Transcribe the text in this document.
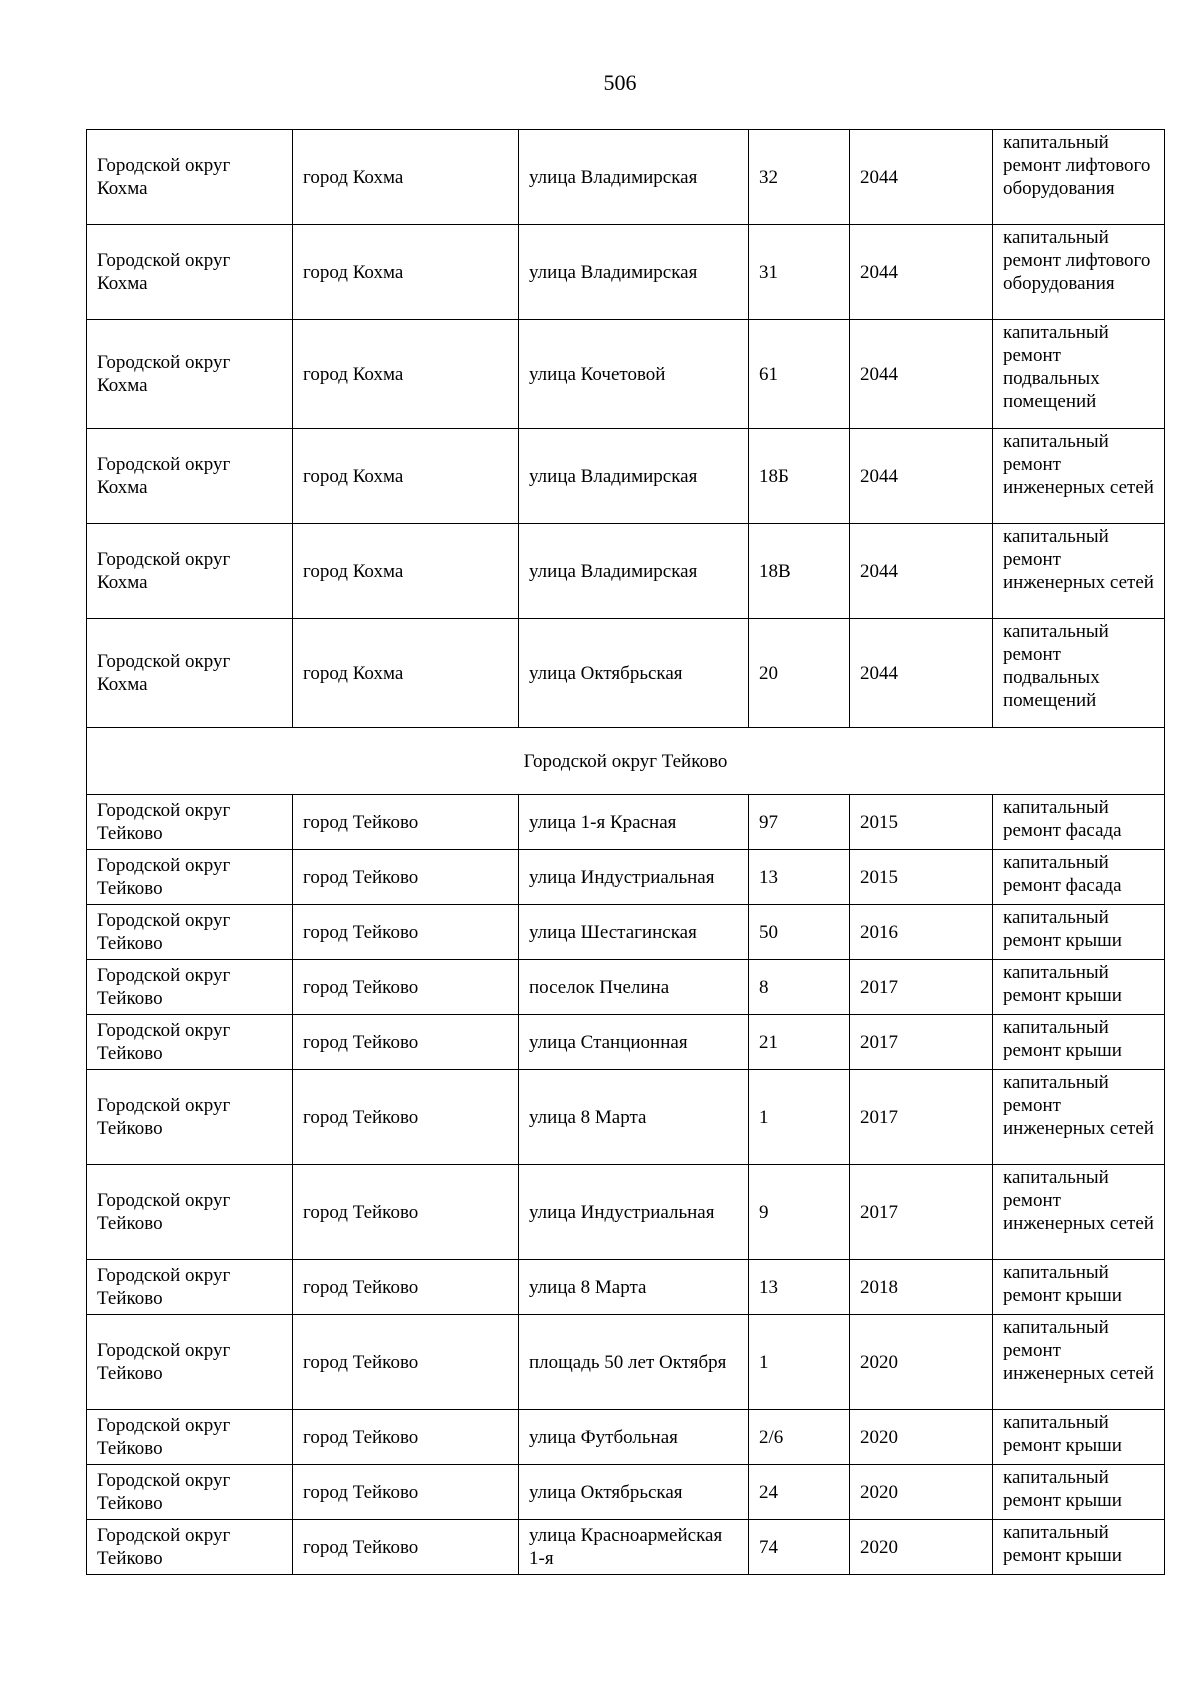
506
Городской округ Кохма	город Кохма	улица Владимирская	32	2044	капитальный ремонт лифтового оборудования
Городской округ Кохма	город Кохма	улица Владимирская	31	2044	капитальный ремонт лифтового оборудования
Городской округ Кохма	город Кохма	улица Кочетовой	61	2044	капитальный ремонт подвальных помещений
Городской округ Кохма	город Кохма	улица Владимирская	18Б	2044	капитальный ремонт инженерных сетей
Городской округ Кохма	город Кохма	улица Владимирская	18В	2044	капитальный ремонт инженерных сетей
Городской округ Кохма	город Кохма	улица Октябрьская	20	2044	капитальный ремонт подвальных помещений
Городской округ Тейково					
Городской округ Тейково	город Тейково	улица 1-я Красная	97	2015	капитальный ремонт фасада
Городской округ Тейково	город Тейково	улица Индустриальная	13	2015	капитальный ремонт фасада
Городской округ Тейково	город Тейково	улица Шестагинская	50	2016	капитальный ремонт крыши
Городской округ Тейково	город Тейково	поселок Пчелина	8	2017	капитальный ремонт крыши
Городской округ Тейково	город Тейково	улица Станционная	21	2017	капитальный ремонт крыши
Городской округ Тейково	город Тейково	улица 8 Марта	1	2017	капитальный ремонт инженерных сетей
Городской округ Тейково	город Тейково	улица Индустриальная	9	2017	капитальный ремонт инженерных сетей
Городской округ Тейково	город Тейково	улица 8 Марта	13	2018	капитальный ремонт крыши
Городской округ Тейково	город Тейково	площадь 50 лет Октября	1	2020	капитальный ремонт инженерных сетей
Городской округ Тейково	город Тейково	улица Футбольная	2/6	2020	капитальный ремонт крыши
Городской округ Тейково	город Тейково	улица Октябрьская	24	2020	капитальный ремонт крыши
Городской округ Тейково	город Тейково	улица Красноармейская 1-я	74	2020	капитальный ремонт крыши
